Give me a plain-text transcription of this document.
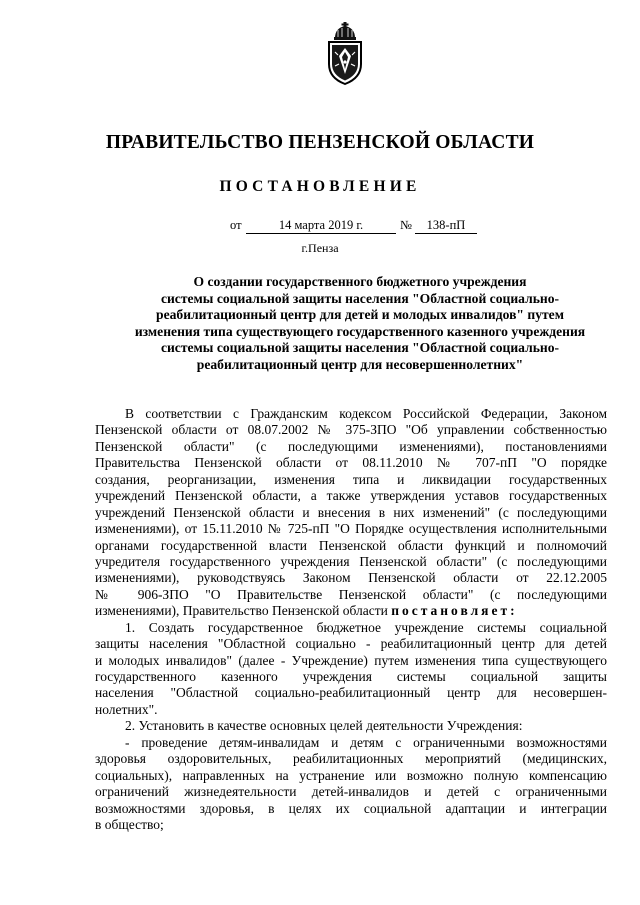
ПРАВИТЕЛЬСТВО ПЕНЗЕНСКОЙ ОБЛАСТИ
ПОСТАНОВЛЕНИЕ
от	14 марта 2019 г.	№	138-пП
г.Пенза
О создании государственного бюджетного учреждения
системы социальной защиты населения "Областной социально-
реабилитационный центр для детей и молодых инвалидов" путем
изменения типа существующего государственного казенного учреждения
системы социальной защиты населения "Областной социально-
реабилитационный центр для несовершеннолетних"
В соответствии с Гражданским кодексом Российской Федерации, Законом
Пензенской области от 08.07.2002 № 375-ЗПО "Об управлении собственностью
Пензенской области" (с последующими изменениями), постановлениями
Правительства Пензенской области от 08.11.2010 № 707-пП "О порядке
создания, реорганизации, изменения типа и ликвидации государственных
учреждений Пензенской области, а также утверждения уставов государственных
учреждений Пензенской области и внесения в них изменений" (с последующими
изменениями), от 15.11.2010 № 725-пП "О Порядке осуществления исполнительными
органами государственной власти Пензенской области функций и полномочий
учредителя государственного учреждения Пензенской области" (с последующими
изменениями), руководствуясь Законом Пензенской области от 22.12.2005
№ 906-ЗПО "О Правительстве Пензенской области" (с последующими
изменениями), Правительство Пензенской области постановляет:
1. Создать государственное бюджетное учреждение системы социальной
защиты населения "Областной социально - реабилитационный центр для детей
и молодых инвалидов" (далее - Учреждение) путем изменения типа существующего
государственного казенного учреждения системы социальной защиты
населения "Областной социально-реабилитационный центр для несовершен-
нолетних".
2. Установить в качестве основных целей деятельности Учреждения:
- проведение детям-инвалидам и детям с ограниченными возможностями
здоровья оздоровительных, реабилитационных мероприятий (медицинских,
социальных), направленных на устранение или возможно полную компенсацию
ограничений жизнедеятельности детей-инвалидов и детей с ограниченными
возможностями здоровья, в целях их социальной адаптации и интеграции
в общество;
